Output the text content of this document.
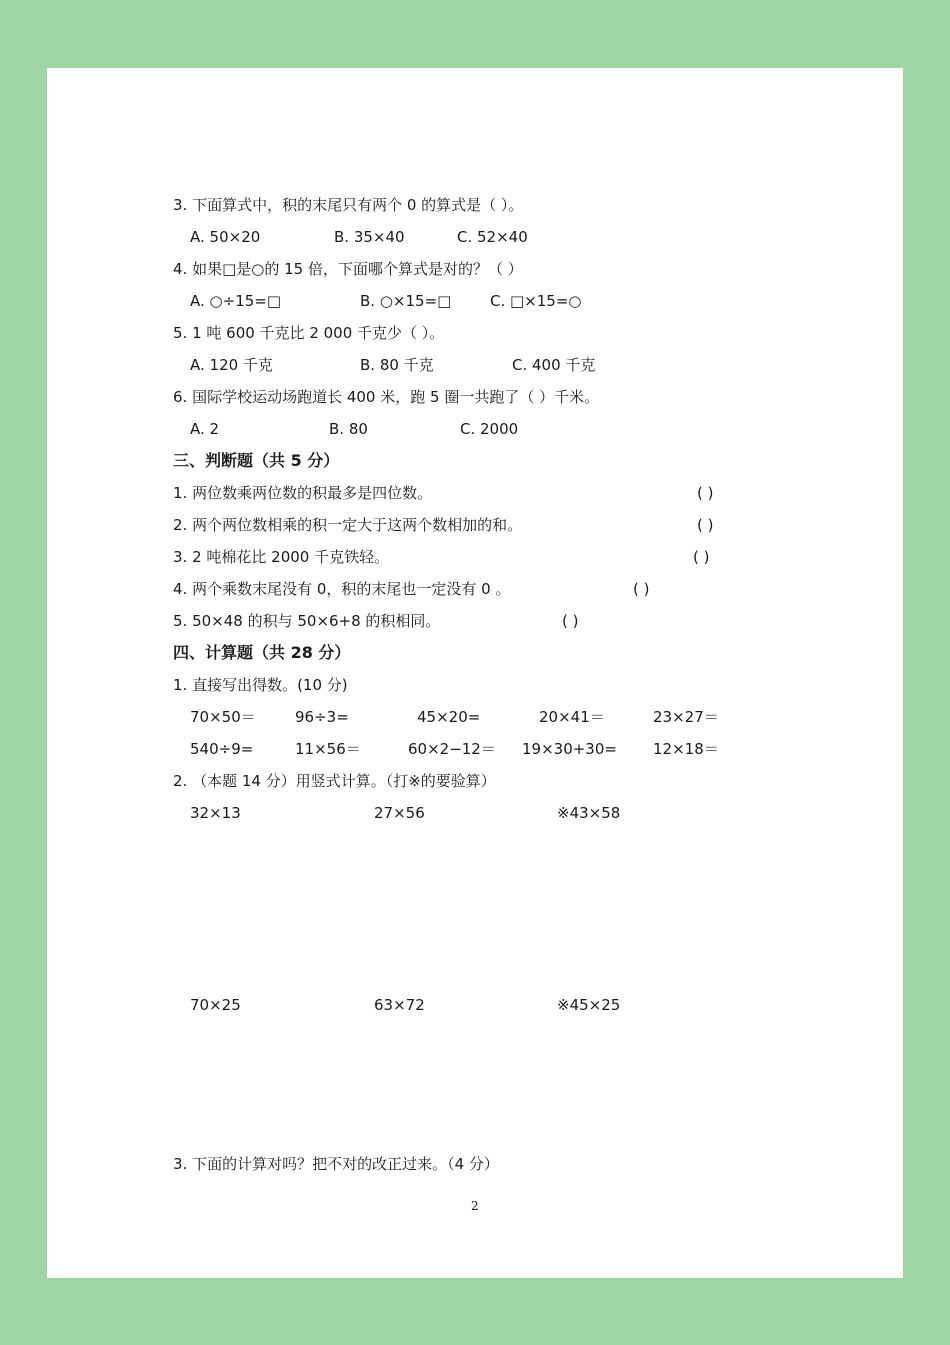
3. 下面算式中，积的末尾只有两个 0 的算式是（ ）。
A. 50×20	B. 35×40	C. 52×40
4. 如果□是○的 15 倍，下面哪个算式是对的？（ ）
A. ○÷15=□	B. ○×15=□	C. □×15=○
5. 1 吨 600 千克比 2 000 千克少（ ）。
A. 120 千克	B. 80 千克	C. 400 千克
6. 国际学校运动场跑道长 400 米，跑 5 圈一共跑了（ ）千米。
A. 2	B. 80	C. 2000
三、判断题（共 5 分）
1. 两位数乘两位数的积最多是四位数。	( )
2. 两个两位数相乘的积一定大于这两个数相加的和。	( )
3. 2 吨棉花比 2000 千克铁轻。	( )
4. 两个乘数末尾没有 0，积的末尾也一定没有 0 。	( )
5. 50×48 的积与 50×6+8 的积相同。	( )
四、计算题（共 28 分）
1. 直接写出得数。(10 分)
70×50＝	96÷3=	45×20=	20×41＝	23×27＝
540÷9=	11×56＝	60×2−12＝ 19×30+30= 12×18＝
2. （本题 14 分）用竖式计算。（打※的要验算）
32×13	27×56	※43×58
70×25	63×72	※45×25
3. 下面的计算对吗？把不对的改正过来。（4 分）
2
